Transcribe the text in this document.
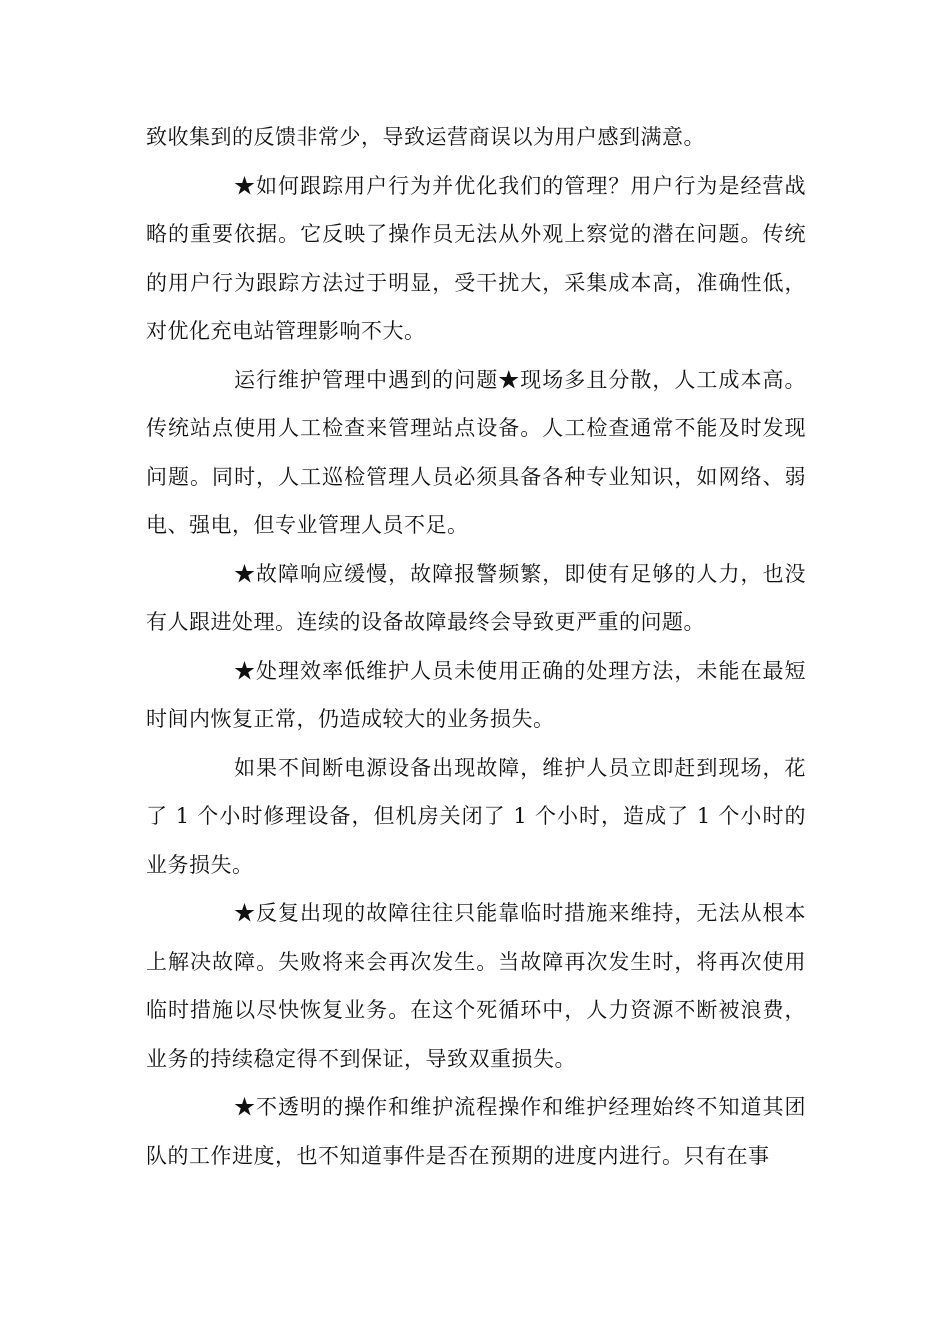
致收集到的反馈非常少，导致运营商误以为用户感到满意。

★如何跟踪用户行为并优化我们的管理？用户行为是经营战略的重要依据。它反映了操作员无法从外观上察觉的潜在问题。传统的用户行为跟踪方法过于明显，受干扰大，采集成本高，准确性低，对优化充电站管理影响不大。

运行维护管理中遇到的问题★现场多且分散，人工成本高。传统站点使用人工检查来管理站点设备。人工检查通常不能及时发现问题。同时，人工巡检管理人员必须具备各种专业知识，如网络、弱电、强电，但专业管理人员不足。

★故障响应缓慢，故障报警频繁，即使有足够的人力，也没有人跟进处理。连续的设备故障最终会导致更严重的问题。

★处理效率低维护人员未使用正确的处理方法，未能在最短时间内恢复正常，仍造成较大的业务损失。

如果不间断电源设备出现故障，维护人员立即赶到现场，花了 1 个小时修理设备，但机房关闭了 1 个小时，造成了 1 个小时的业务损失。

★反复出现的故障往往只能靠临时措施来维持，无法从根本上解决故障。失败将来会再次发生。当故障再次发生时，将再次使用临时措施以尽快恢复业务。在这个死循环中，人力资源不断被浪费，业务的持续稳定得不到保证，导致双重损失。

★不透明的操作和维护流程操作和维护经理始终不知道其团队的工作进度，也不知道事件是否在预期的进度内进行。只有在事
